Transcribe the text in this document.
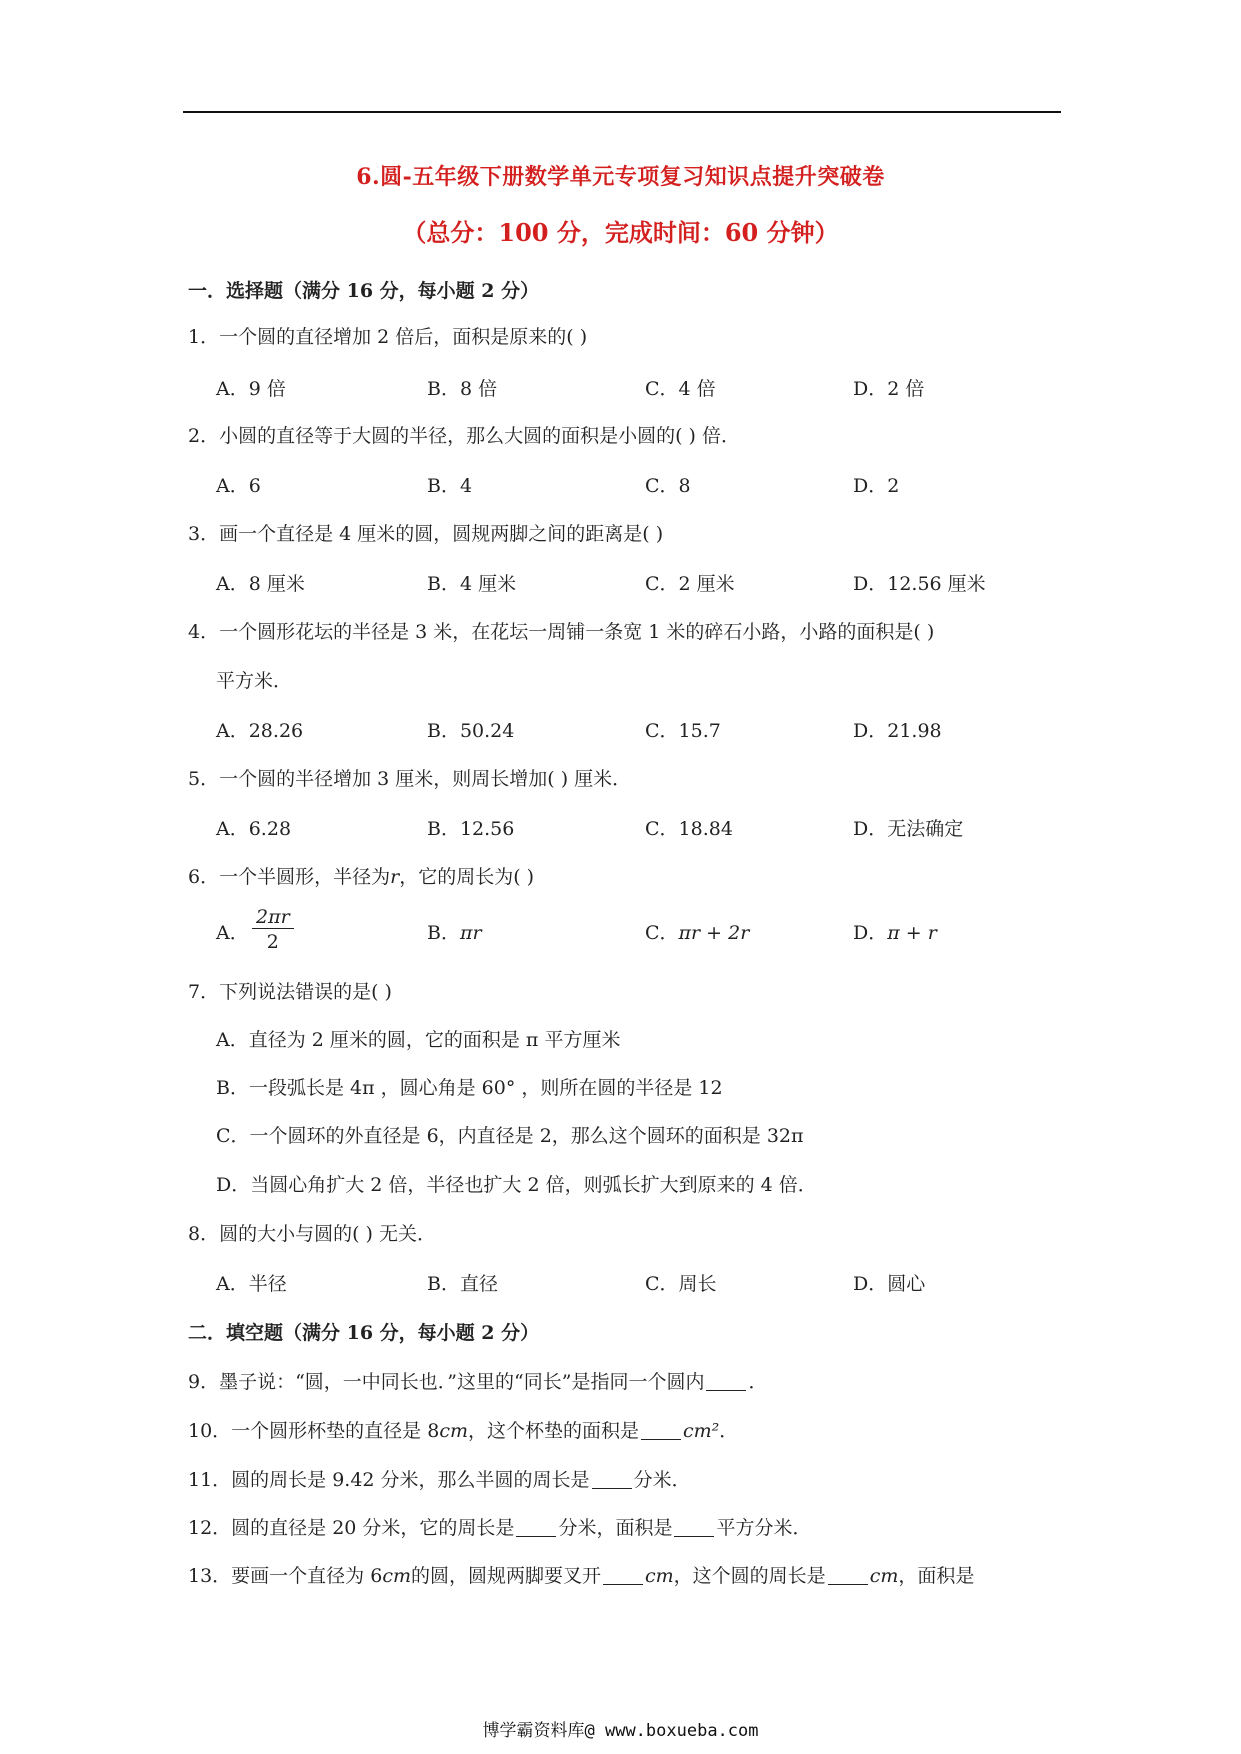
6.圆-五年级下册数学单元专项复习知识点提升突破卷
（总分：100 分，完成时间：60 分钟）
一．选择题（满分 16 分，每小题 2 分）
1．一个圆的直径增加 2 倍后，面积是原来的( )
A．9 倍	B．8 倍	C．4 倍	D．2 倍
2．小圆的直径等于大圆的半径，那么大圆的面积是小圆的( ) 倍．
A．6	B．4	C．8	D．2
3．画一个直径是 4 厘米的圆，圆规两脚之间的距离是( )
A．8 厘米	B．4 厘米	C．2 厘米	D．12.56 厘米
4．一个圆形花坛的半径是 3 米，在花坛一周铺一条宽 1 米的碎石小路，小路的面积是( )
平方米．
A．28.26	B．50.24	C．15.7	D．21.98
5．一个圆的半径增加 3 厘米，则周长增加( ) 厘米．
A．6.28	B．12.56	C．18.84	D．无法确定
6．一个半圆形，半径为r，它的周长为( )
A． $\frac{2\pi r}{2}$	B．πr	C．πr + 2r	D．π + r
7．下列说法错误的是( )
A．直径为 2 厘米的圆，它的面积是 π 平方厘米
B．一段弧长是 4π ，圆心角是 60° ，则所在圆的半径是 12
C．一个圆环的外直径是 6，内直径是 2，那么这个圆环的面积是 32π
D．当圆心角扩大 2 倍，半径也扩大 2 倍，则弧长扩大到原来的 4 倍．
8．圆的大小与圆的( ) 无关．
A．半径	B．直径	C．周长	D．圆心
二．填空题（满分 16 分，每小题 2 分）
9．墨子说：“圆，一中同长也．”这里的“同长”是指同一个圆内 ．
10．一个圆形杯垫的直径是 8cm，这个杯垫的面积是 cm²．
11．圆的周长是 9.42 分米，那么半圆的周长是 分米．
12．圆的直径是 20 分米，它的周长是 分米，面积是 平方分米．
13．要画一个直径为 6cm的圆，圆规两脚要叉开 cm，这个圆的周长是 cm，面积是
博学霸资料库@ www.boxueba.com
